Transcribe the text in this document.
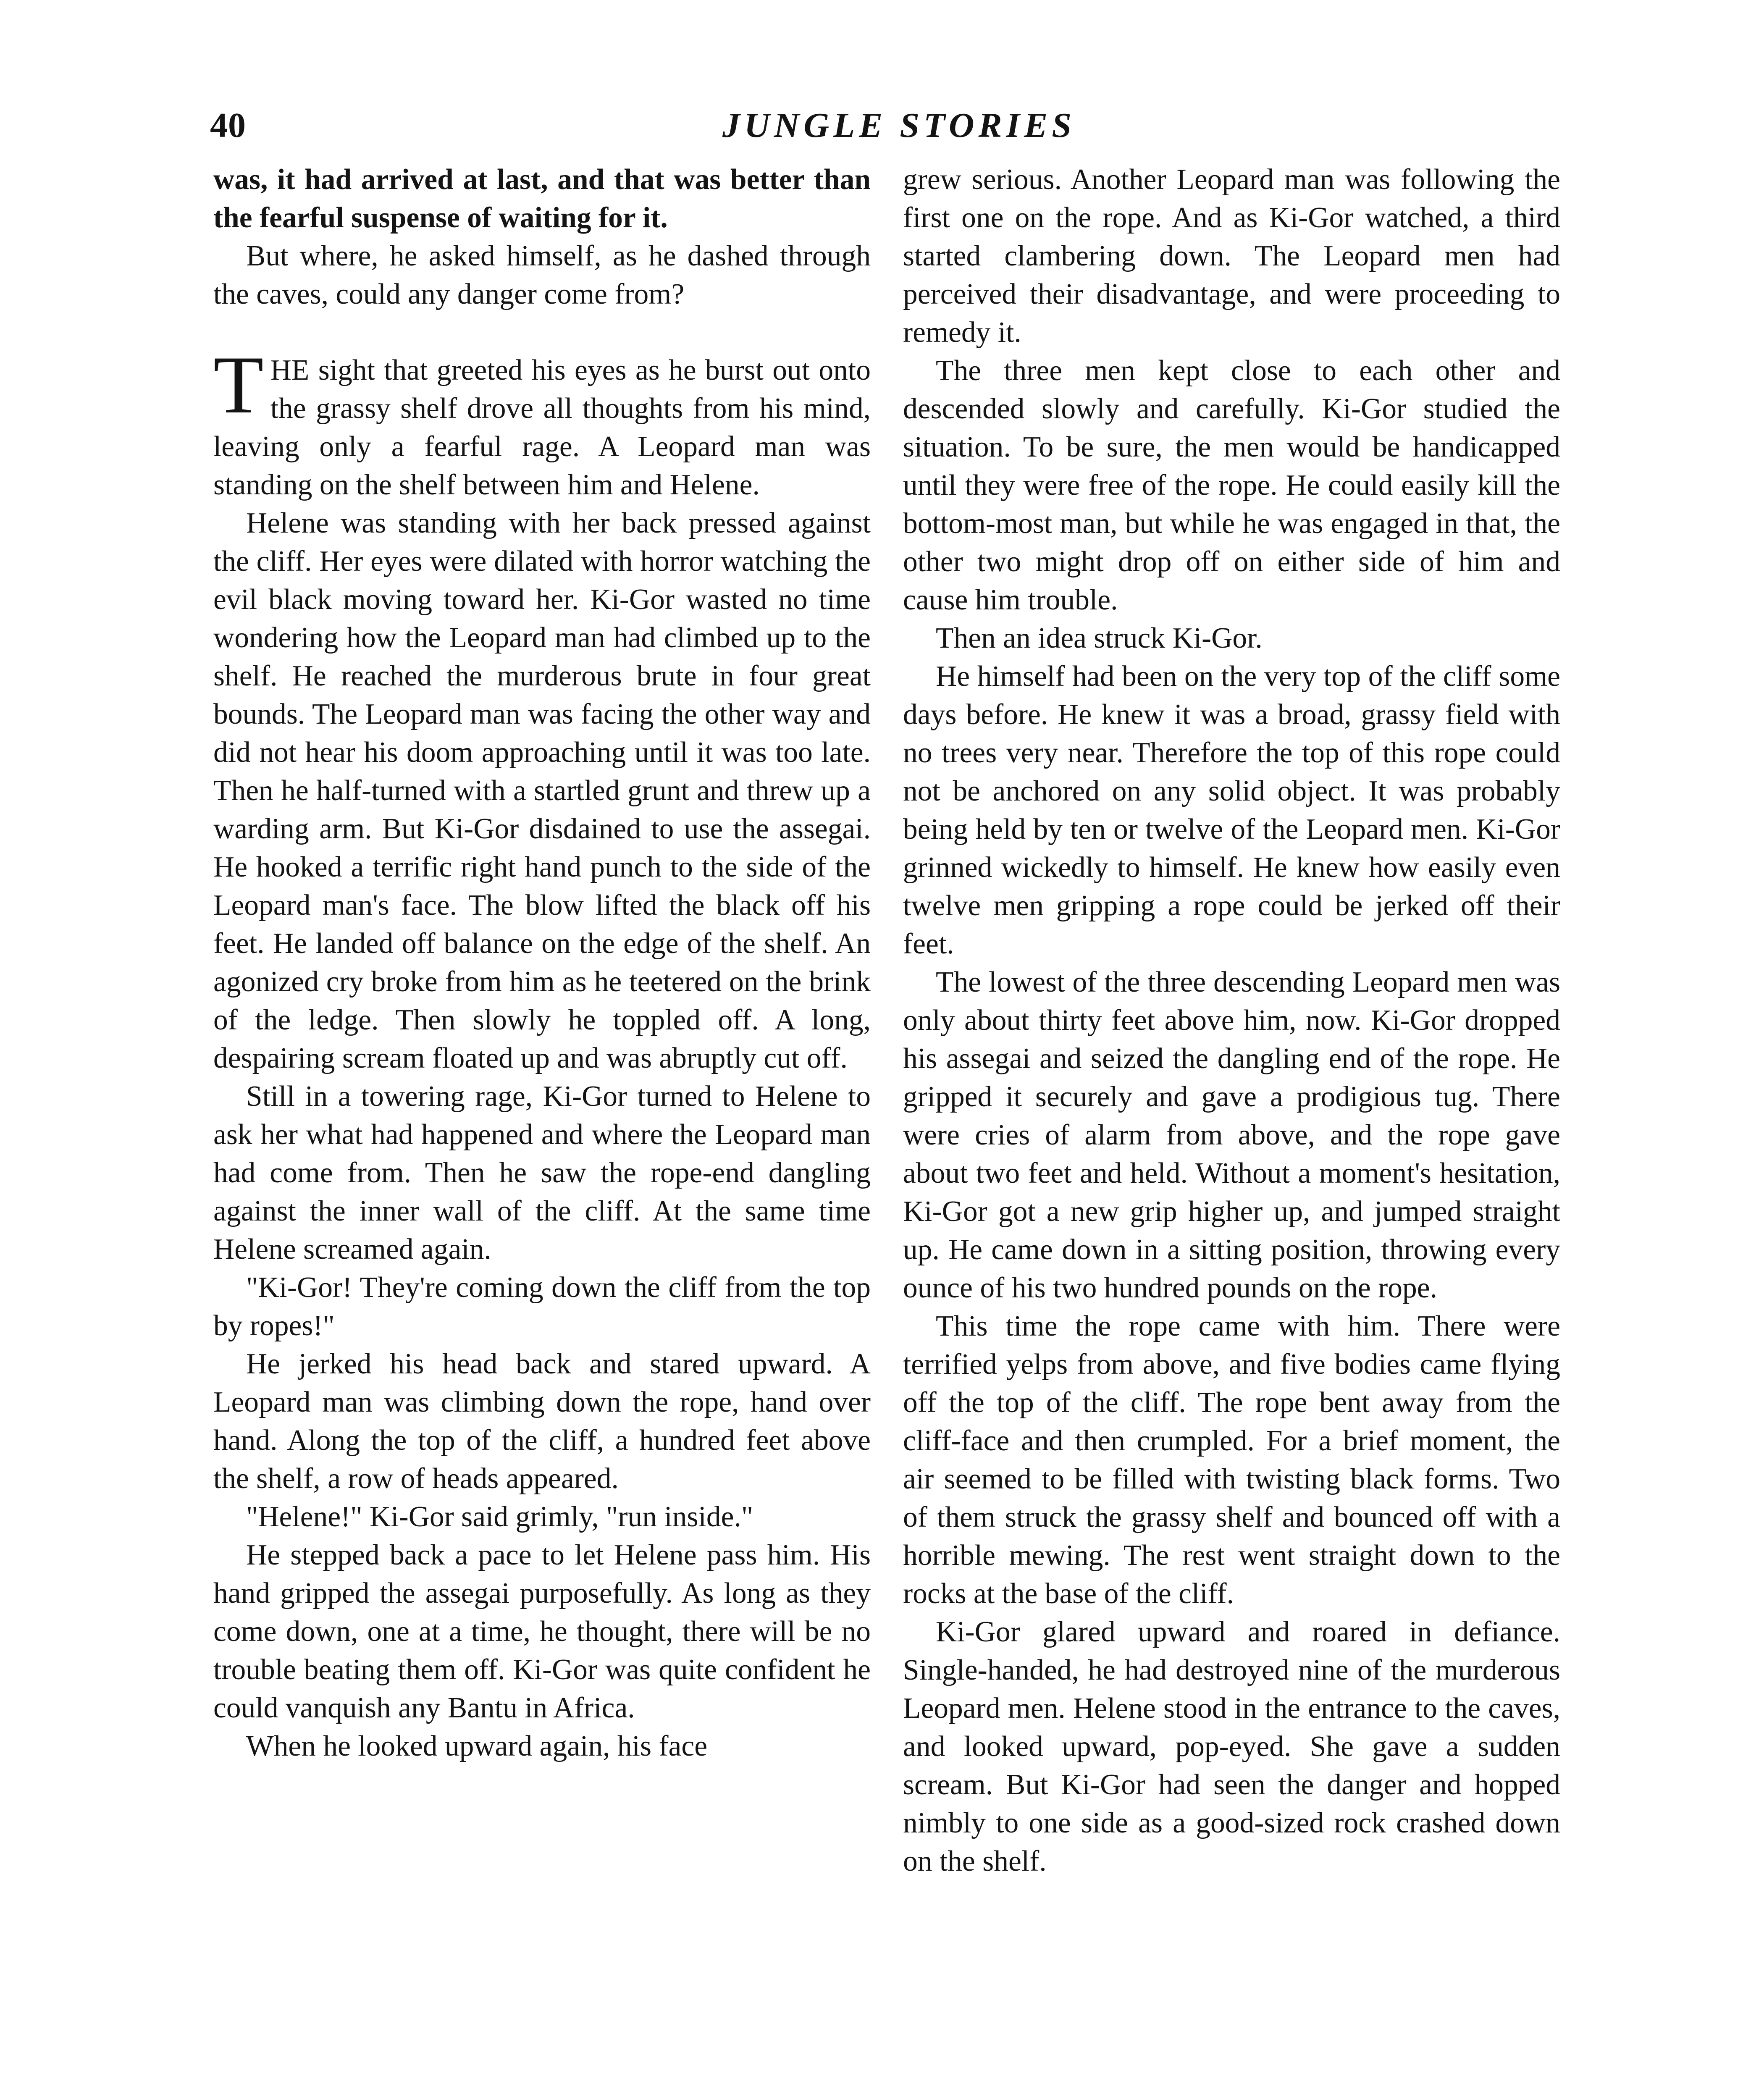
40	JUNGLE STORIES

was, it had arrived at last, and that was better than the fearful suspense of waiting for it.

But where, he asked himself, as he dashed through the caves, could any danger come from?

THE sight that greeted his eyes as he burst out onto the grassy shelf drove all thoughts from his mind, leaving only a fearful rage. A Leopard man was standing on the shelf between him and Helene.

Helene was standing with her back pressed against the cliff. Her eyes were dilated with horror watching the evil black moving toward her. Ki-Gor wasted no time wondering how the Leopard man had climbed up to the shelf. He reached the murderous brute in four great bounds. The Leopard man was facing the other way and did not hear his doom approaching until it was too late. Then he half-turned with a startled grunt and threw up a warding arm. But Ki-Gor disdained to use the assegai. He hooked a terrific right hand punch to the side of the Leopard man's face. The blow lifted the black off his feet. He landed off balance on the edge of the shelf. An agonized cry broke from him as he teetered on the brink of the ledge. Then slowly he toppled off. A long, despairing scream floated up and was abruptly cut off.

Still in a towering rage, Ki-Gor turned to Helene to ask her what had happened and where the Leopard man had come from. Then he saw the rope-end dangling against the inner wall of the cliff. At the same time Helene screamed again.

"Ki-Gor! They're coming down the cliff from the top by ropes!"

He jerked his head back and stared upward. A Leopard man was climbing down the rope, hand over hand. Along the top of the cliff, a hundred feet above the shelf, a row of heads appeared.

"Helene!" Ki-Gor said grimly, "run inside."

He stepped back a pace to let Helene pass him. His hand gripped the assegai purposefully. As long as they come down, one at a time, he thought, there will be no trouble beating them off. Ki-Gor was quite confident he could vanquish any Bantu in Africa.

When he looked upward again, his face

grew serious. Another Leopard man was following the first one on the rope. And as Ki-Gor watched, a third started clambering down. The Leopard men had perceived their disadvantage, and were proceeding to remedy it.

The three men kept close to each other and descended slowly and carefully. Ki-Gor studied the situation. To be sure, the men would be handicapped until they were free of the rope. He could easily kill the bottom-most man, but while he was engaged in that, the other two might drop off on either side of him and cause him trouble.

Then an idea struck Ki-Gor.

He himself had been on the very top of the cliff some days before. He knew it was a broad, grassy field with no trees very near. Therefore the top of this rope could not be anchored on any solid object. It was probably being held by ten or twelve of the Leopard men. Ki-Gor grinned wickedly to himself. He knew how easily even twelve men gripping a rope could be jerked off their feet.

The lowest of the three descending Leopard men was only about thirty feet above him, now. Ki-Gor dropped his assegai and seized the dangling end of the rope. He gripped it securely and gave a prodigious tug. There were cries of alarm from above, and the rope gave about two feet and held. Without a moment's hesitation, Ki-Gor got a new grip higher up, and jumped straight up. He came down in a sitting position, throwing every ounce of his two hundred pounds on the rope.

This time the rope came with him. There were terrified yelps from above, and five bodies came flying off the top of the cliff. The rope bent away from the cliff-face and then crumpled. For a brief moment, the air seemed to be filled with twisting black forms. Two of them struck the grassy shelf and bounced off with a horrible mewing. The rest went straight down to the rocks at the base of the cliff.

Ki-Gor glared upward and roared in defiance. Single-handed, he had destroyed nine of the murderous Leopard men. Helene stood in the entrance to the caves, and looked upward, pop-eyed. She gave a sudden scream. But Ki-Gor had seen the danger and hopped nimbly to one side as a good-sized rock crashed down on the shelf.
